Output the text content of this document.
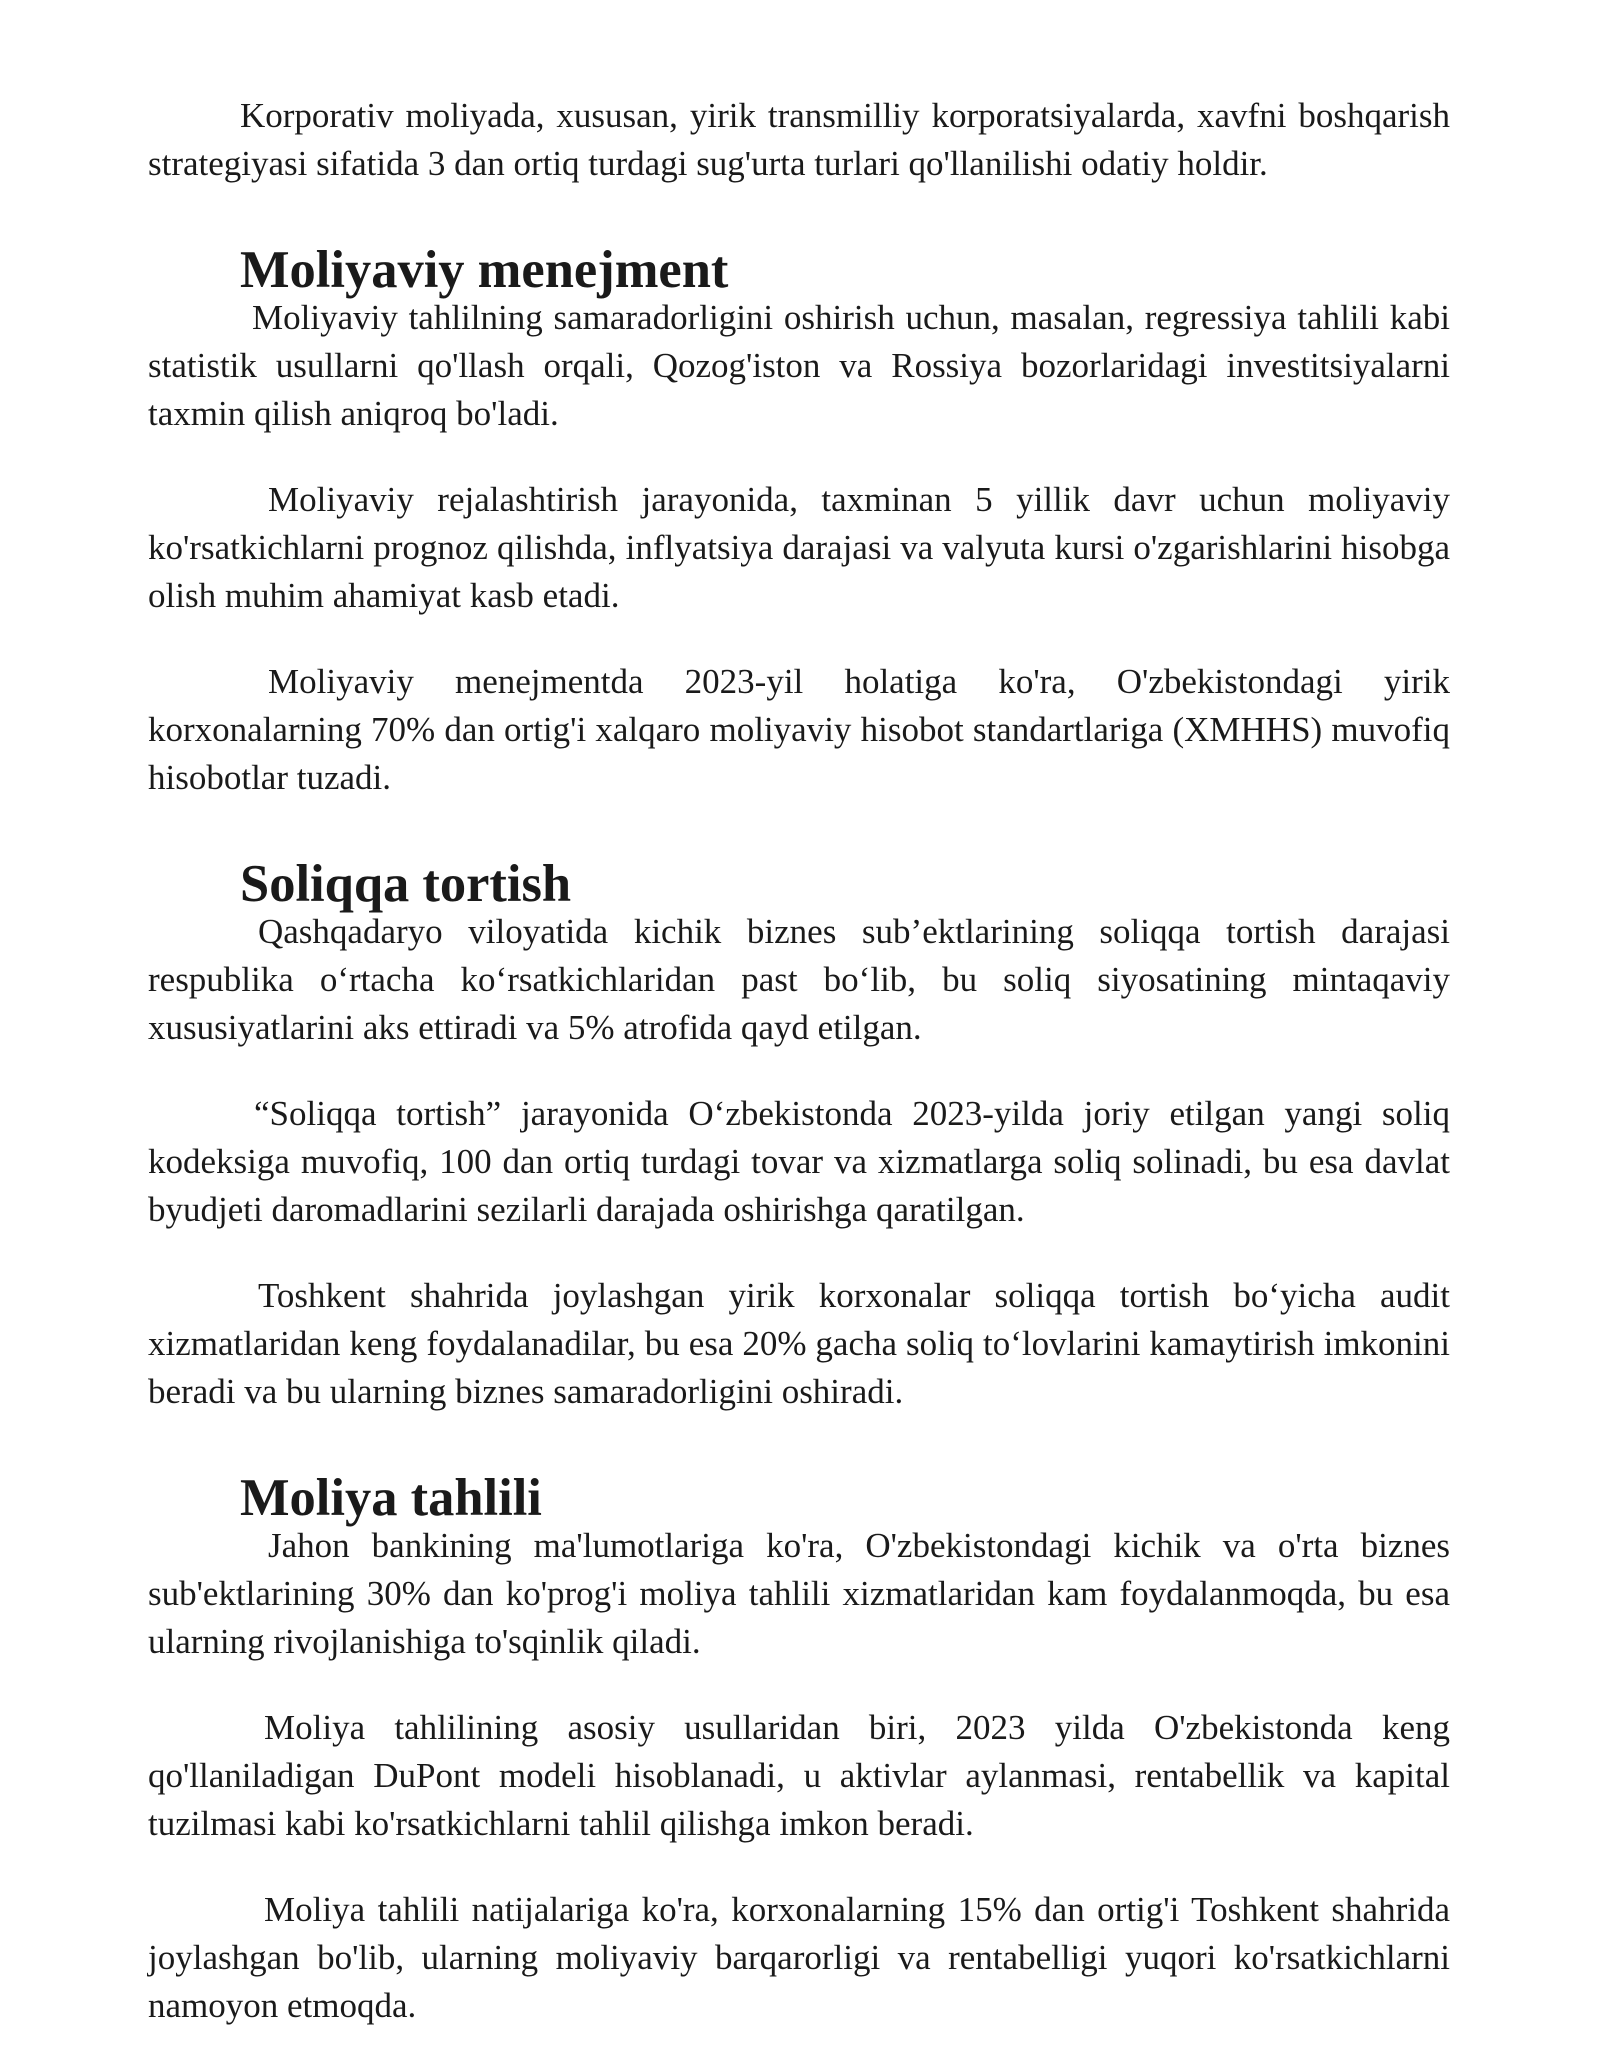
Korporativ moliyada, xususan, yirik transmilliy korporatsiyalarda, xavfni boshqarish strategiyasi sifatida 3 dan ortiq turdagi sug'urta turlari qo'llanilishi odatiy holdir.

Moliyaviy menejment

Moliyaviy tahlilning samaradorligini oshirish uchun, masalan, regressiya tahlili kabi statistik usullarni qo'llash orqali, Qozog'iston va Rossiya bozorlaridagi investitsiyalarni taxmin qilish aniqroq bo'ladi.

Moliyaviy rejalashtirish jarayonida, taxminan 5 yillik davr uchun moliyaviy ko'rsatkichlarni prognoz qilishda, inflyatsiya darajasi va valyuta kursi o'zgarishlarini hisobga olish muhim ahamiyat kasb etadi.

Moliyaviy menejmentda 2023-yil holatiga ko'ra, O'zbekistondagi yirik korxonalarning 70% dan ortig'i xalqaro moliyaviy hisobot standartlariga (XMHHS) muvofiq hisobotlar tuzadi.

Soliqqa tortish

Qashqadaryo viloyatida kichik biznes sub’ektlarining soliqqa tortish darajasi respublika o‘rtacha ko‘rsatkichlaridan past bo‘lib, bu soliq siyosatining mintaqaviy xususiyatlarini aks ettiradi va 5% atrofida qayd etilgan.

“Soliqqa tortish” jarayonida O‘zbekistonda 2023-yilda joriy etilgan yangi soliq kodeksiga muvofiq, 100 dan ortiq turdagi tovar va xizmatlarga soliq solinadi, bu esa davlat byudjeti daromadlarini sezilarli darajada oshirishga qaratilgan.

Toshkent shahrida joylashgan yirik korxonalar soliqqa tortish bo‘yicha audit xizmatlaridan keng foydalanadilar, bu esa 20% gacha soliq to‘lovlarini kamaytirish imkonini beradi va bu ularning biznes samaradorligini oshiradi.

Moliya tahlili

Jahon bankining ma'lumotlariga ko'ra, O'zbekistondagi kichik va o'rta biznes sub'ektlarining 30% dan ko'prog'i moliya tahlili xizmatlaridan kam foydalanmoqda, bu esa ularning rivojlanishiga to'sqinlik qiladi.

Moliya tahlilining asosiy usullaridan biri, 2023 yilda O'zbekistonda keng qo'llaniladigan DuPont modeli hisoblanadi, u aktivlar aylanmasi, rentabellik va kapital tuzilmasi kabi ko'rsatkichlarni tahlil qilishga imkon beradi.

Moliya tahlili natijalariga ko'ra, korxonalarning 15% dan ortig'i Toshkent shahrida joylashgan bo'lib, ularning moliyaviy barqarorligi va rentabelligi yuqori ko'rsatkichlarni namoyon etmoqda.
